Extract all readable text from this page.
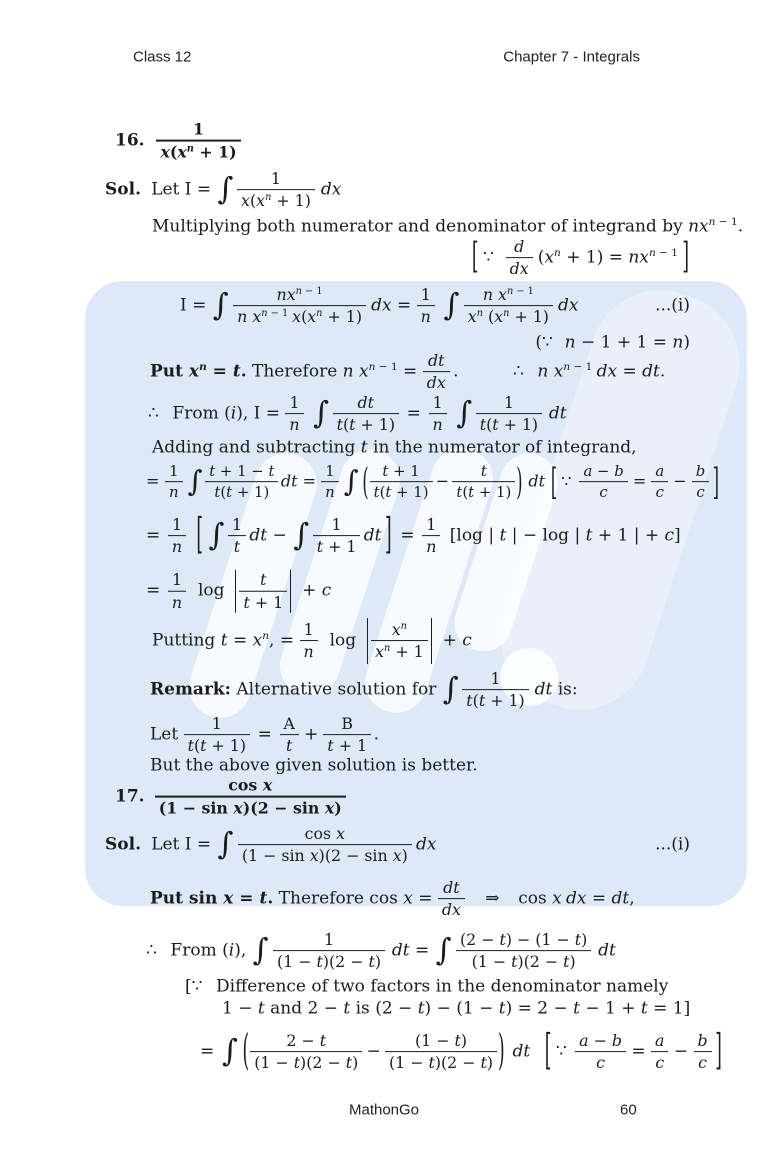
Class 12	Chapter 7 - Integrals
16. $\frac{1}{x(x^n + 1)}$
Sol. Let I = ∫ $\frac{1}{x(x^n + 1)}$ dx
Multiplying both numerator and denominator of integrand by $nx^{n - 1}$.
[ ∵ $\frac{d}{dx} (x^n + 1) = nx^{n - 1}$ ]
I = ∫	$nx^{n - 1}$
n $x^{n - 1}$ $x(x^n + 1)$
dx = $\frac{1}{n}$ ∫ $\frac{n x^{n - 1}}{x^n (x^n + 1)}$ dx	...(i)
(∵ n − 1 + 1 = n)
Put $x^n = t$. Therefore n $x^{n - 1} = \frac{dt}{dx}$ .	∴ n $x^{n - 1}$ dx = dt.
∴ From (i), $I = \frac{1}{n}$ ∫ $\frac{dt}{t(t + 1)} = \frac{1}{n}$ ∫ $\frac{1}{t(t + 1)}$ dt
Adding and subtracting t in the numerator of integrand,
= $\frac{1}{n}$ ∫ $\frac{t + 1 - t}{t(t + 1)}$ dt = $\frac{1}{n}$ ∫ ( $\frac{t + 1}{t(t + 1)} - \frac{t}{t(t + 1)}$ ) dt [ ∵ $\frac{a - b}{c} = \frac{a}{c} - \frac{b}{c}$ ]
= $\frac{1}{n}$ [ ∫ $\frac{1}{t}$ dt − ∫ $\frac{1}{t + 1}$ dt ] = $\frac{1}{n} [\log$ | t | − log | t + 1 | + c]
= $\frac{1}{n}$ $\log \frac{t}{t + 1} + c$
Putting $t = x^n$, = $\frac{1}{n}$ $\log \frac{x^n}{x^n + 1} + c$
Remark: Alternative solution for ∫ $\frac{1}{t(t + 1)}$ dt is:
Let $\frac{1}{t(t + 1)} = \frac{A}{t} + \frac{B}{t + 1}$ .
But the above given solution is better.
17. $\frac{\text{cos x}}{\text{(1 − sin x)(2 − sin x)}}$
Sol. Let I = ∫ $\frac{\text{cos x}}{\text{(1 − sin x)(2 − sin x)}}$ dx	...(i)
Put sin x = t. Therefore $\cos x = \frac{dt}{dx}$ ⇒ cos x dx = dt,
∴ From (i), ∫ $\frac{1}{(1 - t)(2 - t)}$ dt = ∫ $\frac{(2 - t) - (1 - t)}{(1 - t)(2 - t)}$ dt
[∵ Difference of two factors in the denominator namely
1 − t and 2 − t is (2 − t) − (1 − t) = 2 − t − 1 + t = 1]
= ∫ ( $\frac{2 - t}{(1 - t)(2 - t)} - \frac{(1 - t)}{(1 - t)(2 - t)}$ ) dt [ ∵ $\frac{a - b}{c} = \frac{a}{c} - \frac{b}{c}$ ]
MathonGo	60
